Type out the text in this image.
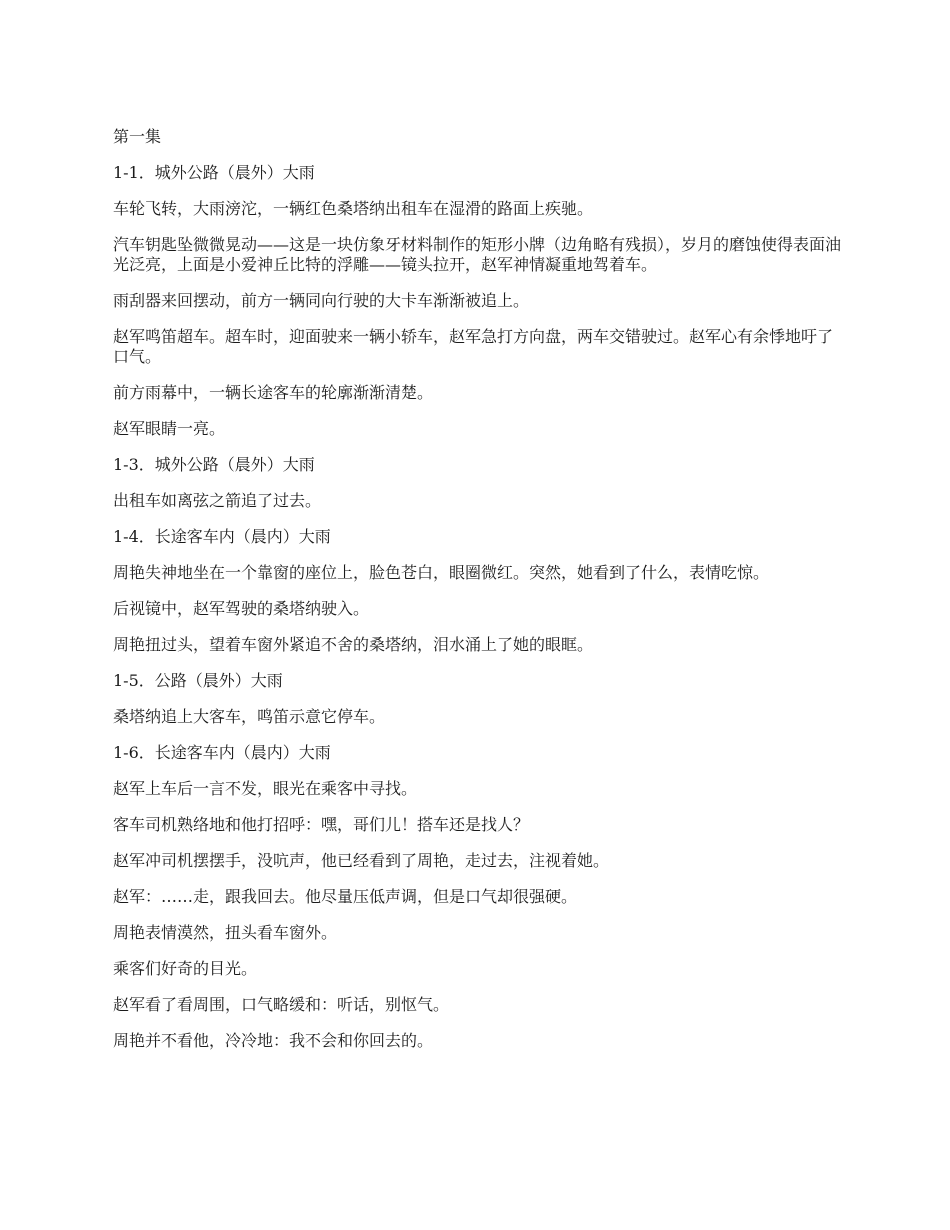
第一集

1-1．城外公路（晨外）大雨

车轮飞转，大雨滂沱，一辆红色桑塔纳出租车在湿滑的路面上疾驰。

汽车钥匙坠微微晃动——这是一块仿象牙材料制作的矩形小牌（边角略有残损），岁月的磨蚀使得表面油光泛亮，上面是小爱神丘比特的浮雕——镜头拉开，赵军神情凝重地驾着车。

雨刮器来回摆动，前方一辆同向行驶的大卡车渐渐被追上。

赵军鸣笛超车。超车时，迎面驶来一辆小轿车，赵军急打方向盘，两车交错驶过。赵军心有余悸地吁了口气。

前方雨幕中，一辆长途客车的轮廓渐渐清楚。

赵军眼睛一亮。

1-3．城外公路（晨外）大雨

出租车如离弦之箭追了过去。

1-4．长途客车内（晨内）大雨

周艳失神地坐在一个靠窗的座位上，脸色苍白，眼圈微红。突然，她看到了什么，表情吃惊。

后视镜中，赵军驾驶的桑塔纳驶入。

周艳扭过头，望着车窗外紧追不舍的桑塔纳，泪水涌上了她的眼眶。

1-5．公路（晨外）大雨

桑塔纳追上大客车，鸣笛示意它停车。

1-6．长途客车内（晨内）大雨

赵军上车后一言不发，眼光在乘客中寻找。

客车司机熟络地和他打招呼：嘿，哥们儿！搭车还是找人？

赵军冲司机摆摆手，没吭声，他已经看到了周艳，走过去，注视着她。

赵军：……走，跟我回去。他尽量压低声调，但是口气却很强硬。

周艳表情漠然，扭头看车窗外。

乘客们好奇的目光。

赵军看了看周围，口气略缓和：听话，别怄气。

周艳并不看他，冷冷地：我不会和你回去的。
